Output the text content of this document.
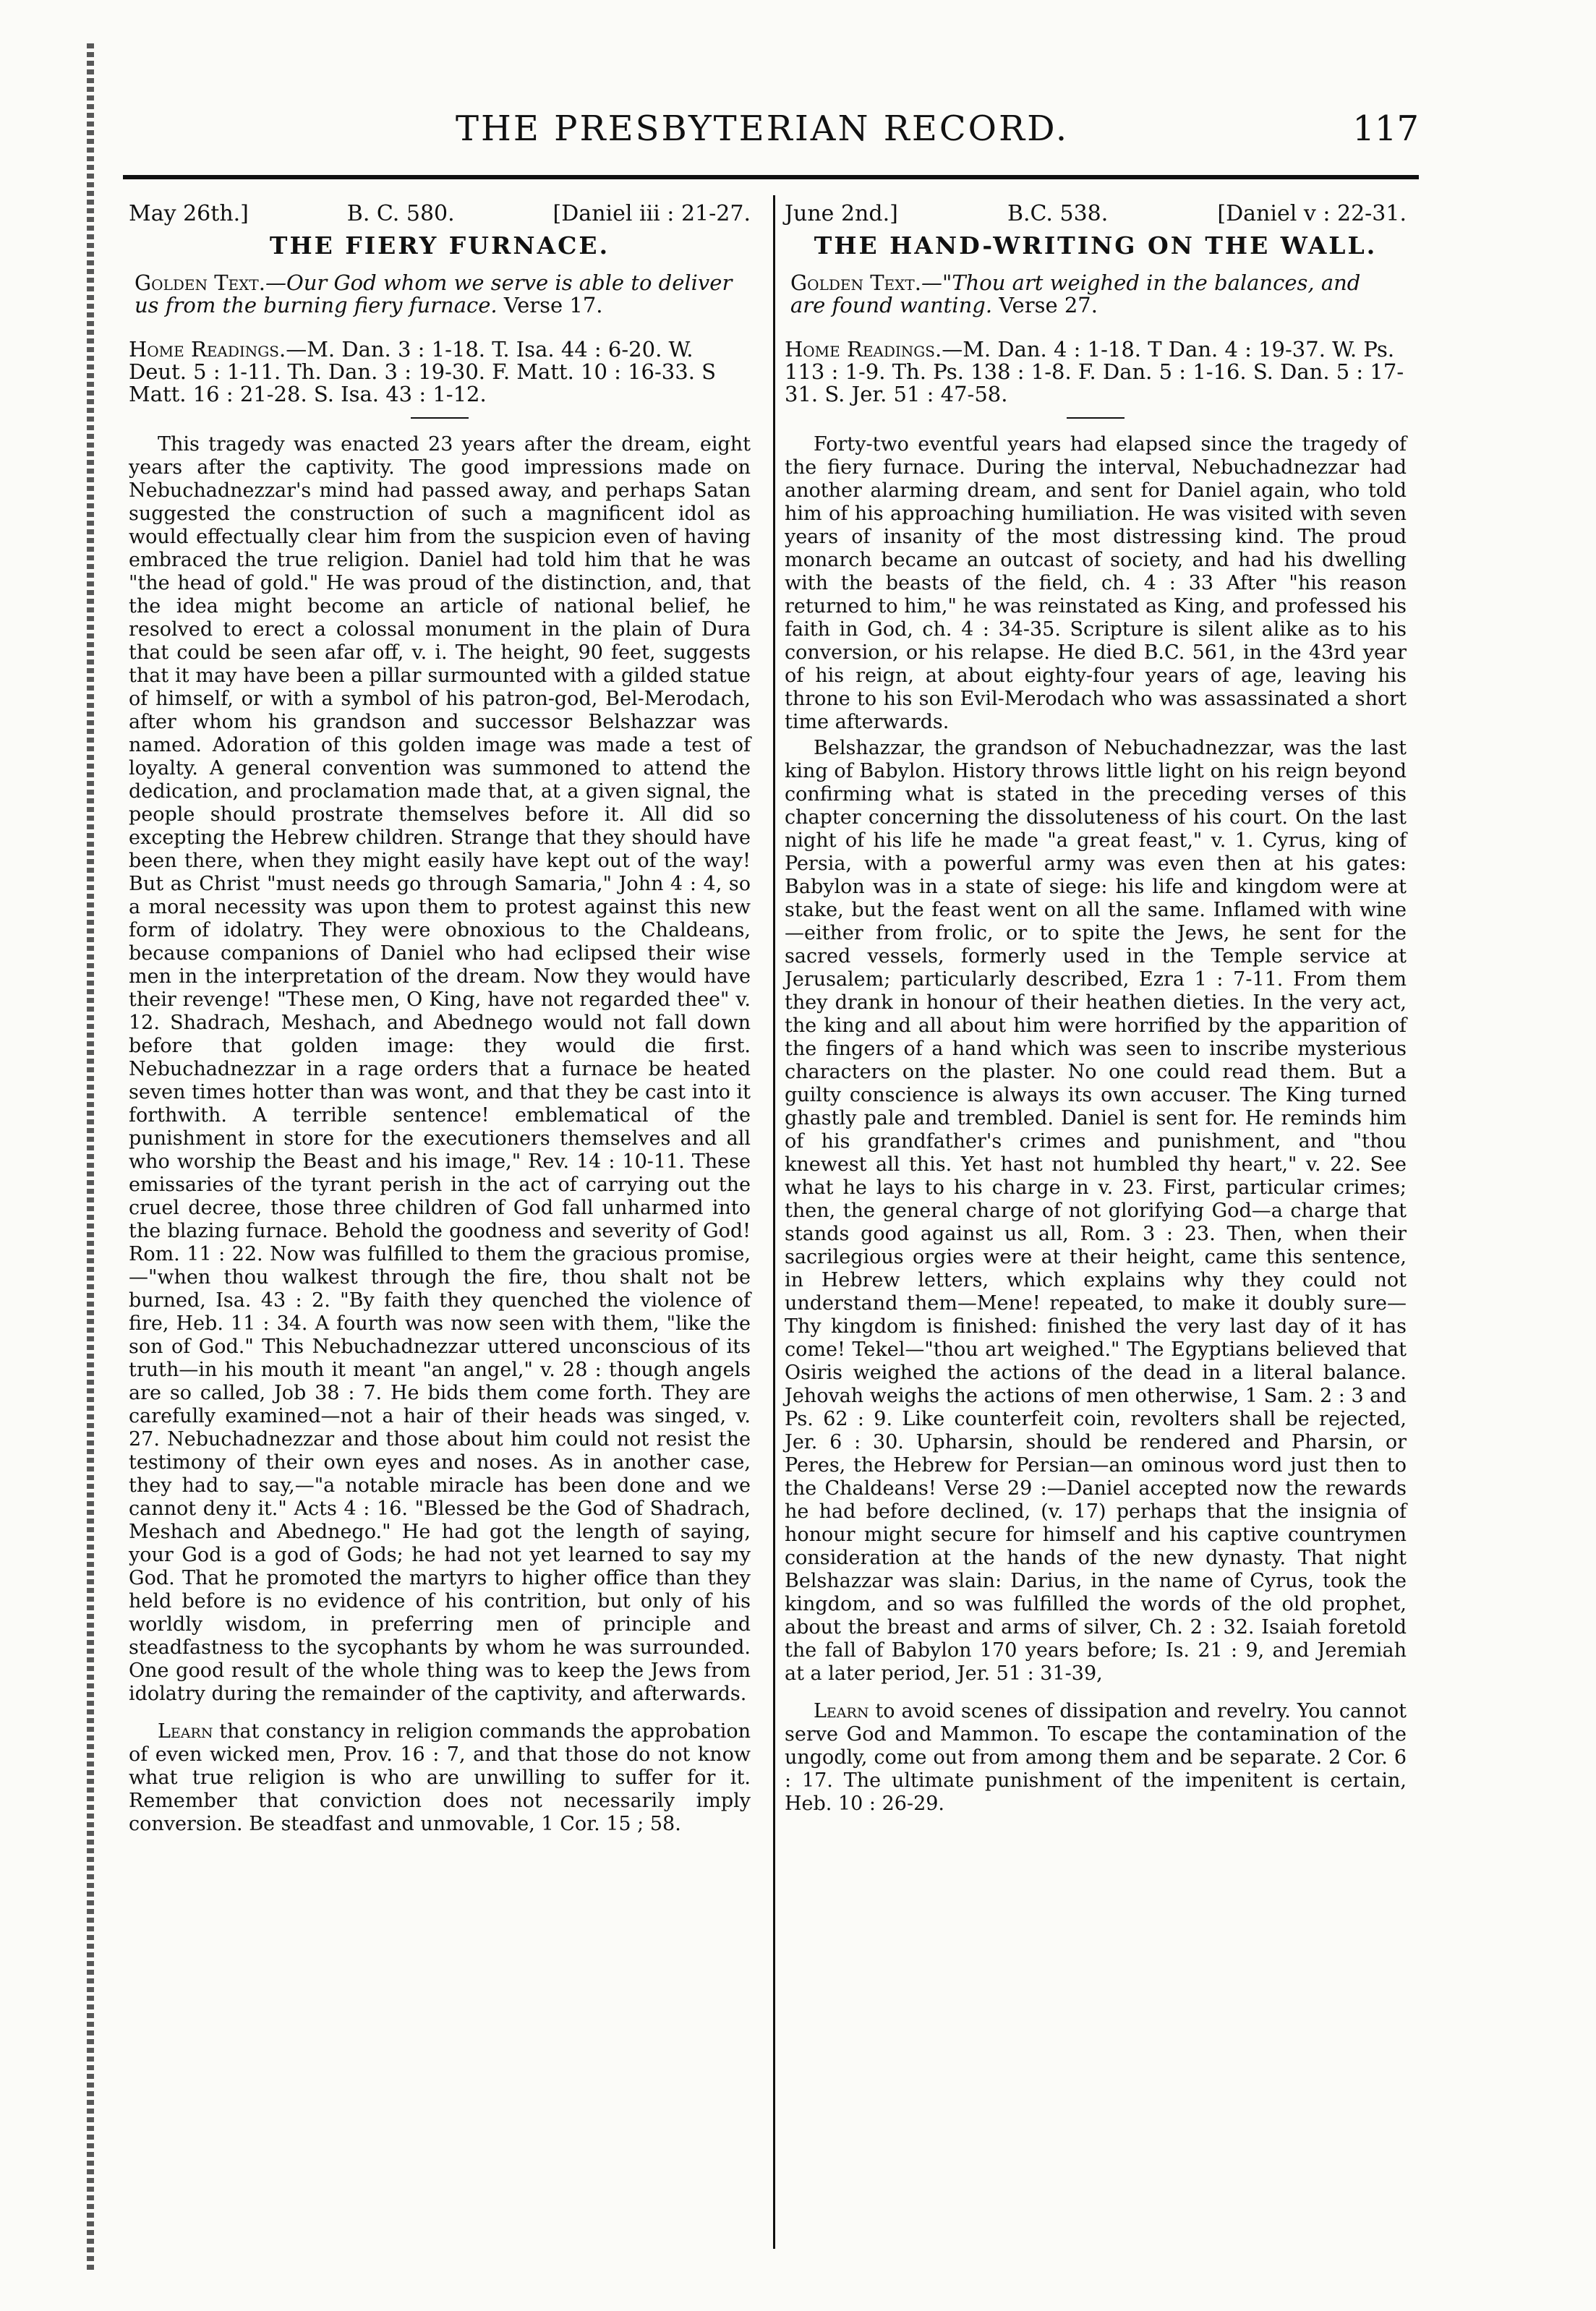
THE PRESBYTERIAN RECORD.	117
May 26th.]	B. C. 580.	[Daniel iii : 21-27.
THE FIERY FURNACE.
Golden Text.—Our God whom we serve is able to deliver us from the burning fiery furnace. Verse 17.
Home Readings.—M. Dan. 3 : 1-18. T. Isa. 44 : 6-20. W. Deut. 5 : 1-11. Th. Dan. 3 : 19-30. F. Matt. 10 : 16-33. S Matt. 16 : 21-28. S. Isa. 43 : 1-12.

This tragedy was enacted 23 years after the dream, eight years after the captivity. The good impressions made on Nebuchadnezzar's mind had passed away, and perhaps Satan suggested the construction of such a magnificent idol as would effectually clear him from the suspicion even of having embraced the true religion. Daniel had told him that he was "the head of gold." He was proud of the distinction, and, that the idea might become an article of national belief, he resolved to erect a colossal monument in the plain of Dura that could be seen afar off, v. i. The height, 90 feet, suggests that it may have been a pillar surmounted with a gilded statue of himself, or with a symbol of his patron-god, Bel-Merodach, after whom his grandson and successor Belshazzar was named. Adoration of this golden image was made a test of loyalty. A general convention was summoned to attend the dedication, and proclamation made that, at a given signal, the people should prostrate themselves before it. All did so excepting the Hebrew children. Strange that they should have been there, when they might easily have kept out of the way! But as Christ "must needs go through Samaria," John 4 : 4, so a moral necessity was upon them to protest against this new form of idolatry. They were obnoxious to the Chaldeans, because companions of Daniel who had eclipsed their wise men in the interpretation of the dream. Now they would have their revenge! "These men, O King, have not regarded thee" v. 12. Shadrach, Meshach, and Abednego would not fall down before that golden image: they would die first. Nebuchadnezzar in a rage orders that a furnace be heated seven times hotter than was wont, and that they be cast into it forthwith. A terrible sentence! emblematical of the punishment in store for the executioners themselves and all who worship the Beast and his image," Rev. 14 : 10-11. These emissaries of the tyrant perish in the act of carrying out the cruel decree, those three children of God fall unharmed into the blazing furnace. Behold the goodness and severity of God! Rom. 11 : 22. Now was fulfilled to them the gracious promise,—"when thou walkest through the fire, thou shalt not be burned, Isa. 43 : 2. "By faith they quenched the violence of fire, Heb. 11 : 34. A fourth was now seen with them, "like the son of God." This Nebuchadnezzar uttered unconscious of its truth—in his mouth it meant "an angel," v. 28 : though angels are so called, Job 38 : 7. He bids them come forth. They are carefully examined—not a hair of their heads was singed, v. 27. Nebuchadnezzar and those about him could not resist the testimony of their own eyes and noses. As in another case, they had to say,—"a notable miracle has been done and we cannot deny it." Acts 4 : 16. "Blessed be the God of Shadrach, Meshach and Abednego." He had got the length of saying, your God is a god of Gods; he had not yet learned to say my God. That he promoted the martyrs to higher office than they held before is no evidence of his contrition, but only of his worldly wisdom, in preferring men of principle and steadfastness to the sycophants by whom he was surrounded. One good result of the whole thing was to keep the Jews from idolatry during the remainder of the captivity, and afterwards.

Learn that constancy in religion commands the approbation of even wicked men, Prov. 16 : 7, and that those do not know what true religion is who are unwilling to suffer for it. Remember that conviction does not necessarily imply conversion. Be steadfast and unmovable, 1 Cor. 15 ; 58.
June 2nd.]	B.C. 538.	[Daniel v : 22-31.
THE HAND-WRITING ON THE WALL.
Golden Text.—"Thou art weighed in the balances, and are found wanting. Verse 27.
Home Readings.—M. Dan. 4 : 1-18. T Dan. 4 : 19-37. W. Ps. 113 : 1-9. Th. Ps. 138 : 1-8. F. Dan. 5 : 1-16. S. Dan. 5 : 17-31. S. Jer. 51 : 47-58.

Forty-two eventful years had elapsed since the tragedy of the fiery furnace. During the interval, Nebuchadnezzar had another alarming dream, and sent for Daniel again, who told him of his approaching humiliation. He was visited with seven years of insanity of the most distressing kind. The proud monarch became an outcast of society, and had his dwelling with the beasts of the field, ch. 4 : 33 After "his reason returned to him," he was reinstated as King, and professed his faith in God, ch. 4 : 34-35. Scripture is silent alike as to his conversion, or his relapse. He died B.C. 561, in the 43rd year of his reign, at about eighty-four years of age, leaving his throne to his son Evil-Merodach who was assassinated a short time afterwards.

Belshazzar, the grandson of Nebuchadnezzar, was the last king of Babylon. History throws little light on his reign beyond confirming what is stated in the preceding verses of this chapter concerning the dissoluteness of his court. On the last night of his life he made "a great feast," v. 1. Cyrus, king of Persia, with a powerful army was even then at his gates: Babylon was in a state of siege: his life and kingdom were at stake, but the feast went on all the same. Inflamed with wine—either from frolic, or to spite the Jews, he sent for the sacred vessels, formerly used in the Temple service at Jerusalem; particularly described, Ezra 1 : 7-11. From them they drank in honour of their heathen dieties. In the very act, the king and all about him were horrified by the apparition of the fingers of a hand which was seen to inscribe mysterious characters on the plaster. No one could read them. But a guilty conscience is always its own accuser. The King turned ghastly pale and trembled. Daniel is sent for. He reminds him of his grandfather's crimes and punishment, and "thou knewest all this. Yet hast not humbled thy heart," v. 22. See what he lays to his charge in v. 23. First, particular crimes; then, the general charge of not glorifying God—a charge that stands good against us all, Rom. 3 : 23. Then, when their sacrilegious orgies were at their height, came this sentence, in Hebrew letters, which explains why they could not understand them—Mene! repeated, to make it doubly sure—Thy kingdom is finished: finished the very last day of it has come! Tekel—"thou art weighed." The Egyptians believed that Osiris weighed the actions of the dead in a literal balance. Jehovah weighs the actions of men otherwise, 1 Sam. 2 : 3 and Ps. 62 : 9. Like counterfeit coin, revolters shall be rejected, Jer. 6 : 30. Upharsin, should be rendered and Pharsin, or Peres, the Hebrew for Persian—an ominous word just then to the Chaldeans! Verse 29 :—Daniel accepted now the rewards he had before declined, (v. 17) perhaps that the insignia of honour might secure for himself and his captive countrymen consideration at the hands of the new dynasty. That night Belshazzar was slain: Darius, in the name of Cyrus, took the kingdom, and so was fulfilled the words of the old prophet, about the breast and arms of silver, Ch. 2 : 32. Isaiah foretold the fall of Babylon 170 years before; Is. 21 : 9, and Jeremiah at a later period, Jer. 51 : 31-39,

Learn to avoid scenes of dissipation and revelry. You cannot serve God and Mammon. To escape the contamination of the ungodly, come out from among them and be separate. 2 Cor. 6 : 17. The ultimate punishment of the impenitent is certain, Heb. 10 : 26-29.
